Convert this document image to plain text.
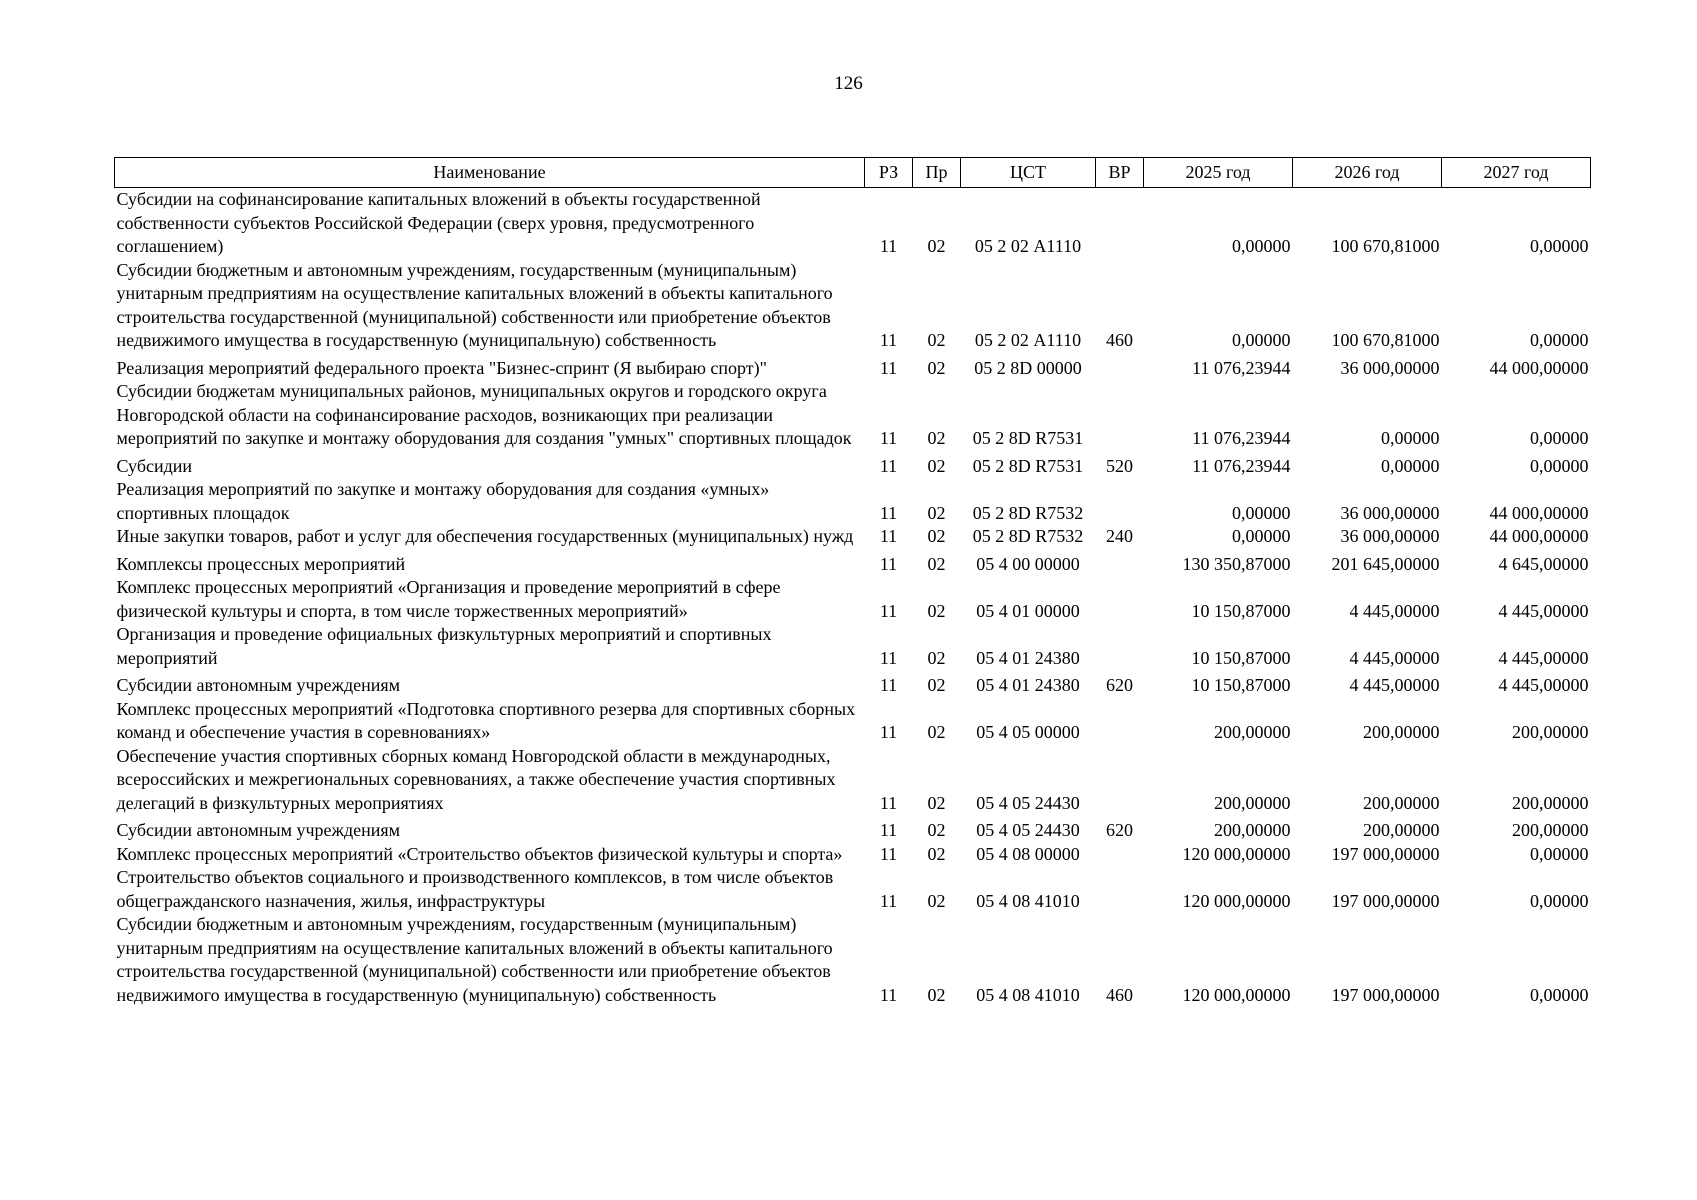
126
Наименование	РЗ	Пр	ЦСТ	ВР	2025 год	2026 год	2027 год
Субсидии на софинансирование капитальных вложений в объекты государственной собственности субъектов Российской Федерации (сверх уровня, предусмотренного соглашением)	11	02	05 2 02 А1110		0,00000	100 670,81000	0,00000
Субсидии бюджетным и автономным учреждениям, государственным (муниципальным) унитарным предприятиям на осуществление капитальных вложений в объекты капитального строительства государственной (муниципальной) собственности или приобретение объектов недвижимого имущества в государственную (муниципальную) собственность	11	02	05 2 02 А1110	460	0,00000	100 670,81000	0,00000
Реализация мероприятий федерального проекта "Бизнес-спринт (Я выбираю спорт)"	11	02	05 2 8D 00000		11 076,23944	36 000,00000	44 000,00000
Субсидии бюджетам муниципальных районов, муниципальных округов и городского округа Новгородской области на софинансирование расходов, возникающих при реализации мероприятий по закупке и монтажу оборудования для создания "умных" спортивных площадок	11	02	05 2 8D R7531		11 076,23944	0,00000	0,00000
Субсидии	11	02	05 2 8D R7531	520	11 076,23944	0,00000	0,00000
Реализация мероприятий по закупке и монтажу оборудования для создания «умных» спортивных площадок	11	02	05 2 8D R7532		0,00000	36 000,00000	44 000,00000
Иные закупки товаров, работ и услуг для обеспечения государственных (муниципальных) нужд	11	02	05 2 8D R7532	240	0,00000	36 000,00000	44 000,00000
Комплексы процессных мероприятий	11	02	05 4 00 00000		130 350,87000	201 645,00000	4 645,00000
Комплекс процессных мероприятий «Организация и проведение мероприятий в сфере физической культуры и спорта, в том числе торжественных мероприятий»	11	02	05 4 01 00000		10 150,87000	4 445,00000	4 445,00000
Организация и проведение официальных физкультурных мероприятий и спортивных мероприятий	11	02	05 4 01 24380		10 150,87000	4 445,00000	4 445,00000
Субсидии автономным учреждениям	11	02	05 4 01 24380	620	10 150,87000	4 445,00000	4 445,00000
Комплекс процессных мероприятий «Подготовка спортивного резерва для спортивных сборных команд и обеспечение участия в соревнованиях»	11	02	05 4 05 00000		200,00000	200,00000	200,00000
Обеспечение участия спортивных сборных команд Новгородской области в международных, всероссийских и межрегиональных соревнованиях, а также обеспечение участия спортивных делегаций в физкультурных мероприятиях	11	02	05 4 05 24430		200,00000	200,00000	200,00000
Субсидии автономным учреждениям	11	02	05 4 05 24430	620	200,00000	200,00000	200,00000
Комплекс процессных мероприятий «Строительство объектов физической культуры и спорта»	11	02	05 4 08 00000		120 000,00000	197 000,00000	0,00000
Строительство объектов социального и производственного комплексов, в том числе объектов общегражданского назначения, жилья, инфраструктуры	11	02	05 4 08 41010		120 000,00000	197 000,00000	0,00000
Субсидии бюджетным и автономным учреждениям, государственным (муниципальным) унитарным предприятиям на осуществление капитальных вложений в объекты капитального строительства государственной (муниципальной) собственности или приобретение объектов недвижимого имущества в государственную (муниципальную) собственность	11	02	05 4 08 41010	460	120 000,00000	197 000,00000	0,00000
